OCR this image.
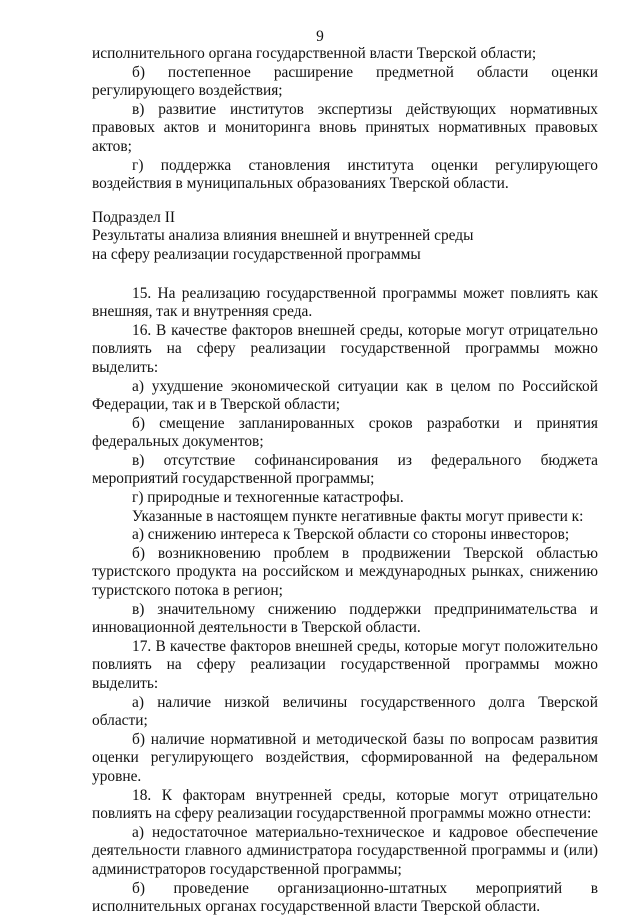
9

исполнительного органа государственной власти Тверской области;

б) постепенное расширение предметной области оценки регулирующего воздействия;

в) развитие институтов экспертизы действующих нормативных правовых актов и мониторинга вновь принятых нормативных правовых актов;

г) поддержка становления института оценки регулирующего воздействия в муниципальных образованиях Тверской области.

Подраздел II

Результаты анализа влияния внешней и внутренней среды

на сферу реализации государственной программы

15. На реализацию государственной программы может повлиять как внешняя, так и внутренняя среда.

16. В качестве факторов внешней среды, которые могут отрицательно повлиять на сферу реализации государственной программы можно выделить:

а) ухудшение экономической ситуации как в целом по Российской Федерации, так и в Тверской области;

б) смещение запланированных сроков разработки и принятия федеральных документов;

в) отсутствие софинансирования из федерального бюджета мероприятий государственной программы;

г) природные и техногенные катастрофы.

Указанные в настоящем пункте негативные факты могут привести к:

а) снижению интереса к Тверской области со стороны инвесторов;

б) возникновению проблем в продвижении Тверской областью туристского продукта на российском и международных рынках, снижению туристского потока в регион;

в) значительному снижению поддержки предпринимательства и инновационной деятельности в Тверской области.

17. В качестве факторов внешней среды, которые могут положительно повлиять на сферу реализации государственной программы можно выделить:

а) наличие низкой величины государственного долга Тверской области;

б) наличие нормативной и методической базы по вопросам развития оценки регулирующего воздействия, сформированной на федеральном уровне.

18. К факторам внутренней среды, которые могут отрицательно повлиять на сферу реализации государственной программы можно отнести:

а) недостаточное материально-техническое и кадровое обеспечение деятельности главного администратора государственной программы и (или) администраторов государственной программы;

б) проведение организационно-штатных мероприятий в исполнительных органах государственной власти Тверской области.
